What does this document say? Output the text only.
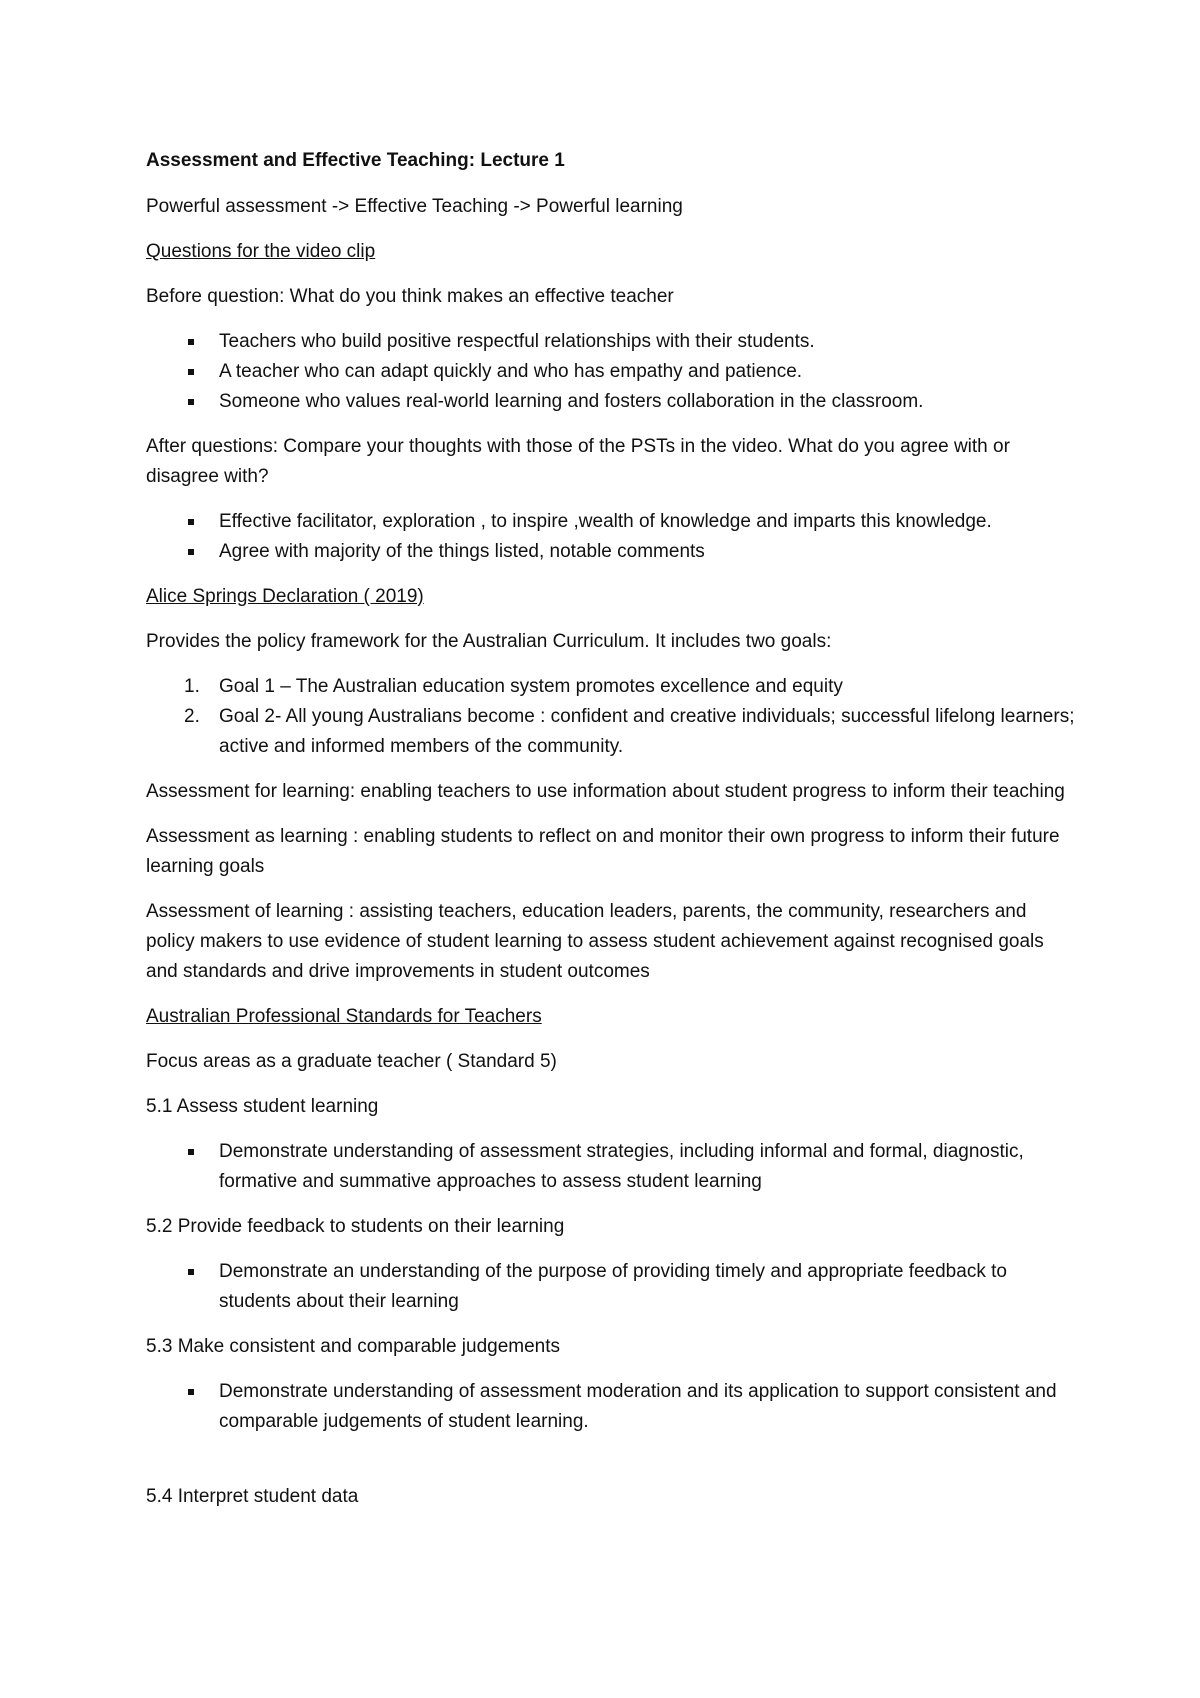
Assessment and Effective Teaching: Lecture 1

Powerful assessment -> Effective Teaching -> Powerful learning

Questions for the video clip

Before question: What do you think makes an effective teacher

Teachers who build positive respectful relationships with their students.
A teacher who can adapt quickly and who has empathy and patience.
Someone who values real-world learning and fosters collaboration in the classroom.

After questions: Compare your thoughts with those of the PSTs in the video. What do you agree with or disagree with?

Effective facilitator, exploration , to inspire ,wealth of knowledge and imparts this knowledge.
Agree with majority of the things listed, notable comments

Alice Springs Declaration ( 2019)

Provides the policy framework for the Australian Curriculum. It includes two goals:

1. Goal 1 – The Australian education system promotes excellence and equity
2. Goal 2- All young Australians become : confident and creative individuals; successful lifelong learners; active and informed members of the community.

Assessment for learning: enabling teachers to use information about student progress to inform their teaching

Assessment as learning : enabling students to reflect on and monitor their own progress to inform their future learning goals

Assessment of learning : assisting teachers, education leaders, parents, the community, researchers and policy makers to use evidence of student learning to assess student achievement against recognised goals and standards and drive improvements in student outcomes

Australian Professional Standards for Teachers

Focus areas as a graduate teacher ( Standard 5)

5.1 Assess student learning

Demonstrate understanding of assessment strategies, including informal and formal, diagnostic, formative and summative approaches to assess student learning

5.2 Provide feedback to students on their learning

Demonstrate an understanding of the purpose of providing timely and appropriate feedback to students about their learning

5.3 Make consistent and comparable judgements

Demonstrate understanding of assessment moderation and its application to support consistent and comparable judgements of student learning.

5.4 Interpret student data
